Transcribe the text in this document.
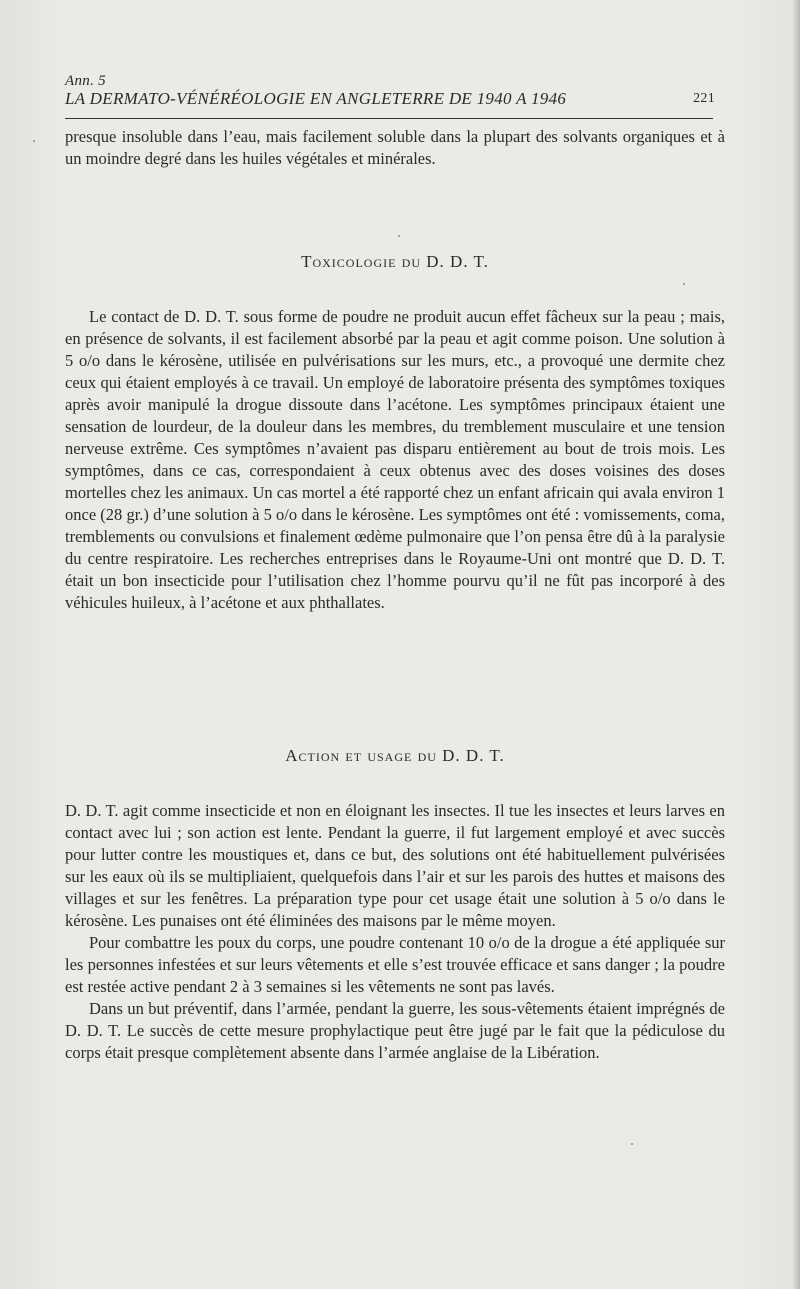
Ann. 5
LA DERMATO-VÉNÉRÉOLOGIE EN ANGLETERRE DE 1940 A 1946	221

presque insoluble dans l’eau, mais facilement soluble dans la plupart des solvants organiques et à un moindre degré dans les huiles végétales et minérales.

Toxicologie du D. D. T.

Le contact de D. D. T. sous forme de poudre ne produit aucun effet fâcheux sur la peau ; mais, en présence de solvants, il est facilement absorbé par la peau et agit comme poison. Une solution à 5 o/o dans le kérosène, utilisée en pulvérisations sur les murs, etc., a provoqué une dermite chez ceux qui étaient employés à ce travail. Un employé de laboratoire présenta des symptômes toxiques après avoir manipulé la drogue dissoute dans l’acétone. Les symptômes principaux étaient une sensation de lourdeur, de la douleur dans les membres, du tremblement musculaire et une tension nerveuse extrême. Ces symptômes n’avaient pas disparu entièrement au bout de trois mois. Les symptômes, dans ce cas, correspondaient à ceux obtenus avec des doses voisines des doses mortelles chez les animaux. Un cas mortel a été rapporté chez un enfant africain qui avala environ 1 once (28 gr.) d’une solution à 5 o/o dans le kérosène. Les symptômes ont été : vomissements, coma, tremblements ou convulsions et finalement œdème pulmonaire que l’on pensa être dû à la paralysie du centre respiratoire. Les recherches entreprises dans le Royaume-Uni ont montré que D. D. T. était un bon insecticide pour l’utilisation chez l’homme pourvu qu’il ne fût pas incorporé à des véhicules huileux, à l’acétone et aux phthallates.

Action et usage du D. D. T.

D. D. T. agit comme insecticide et non en éloignant les insectes. Il tue les insectes et leurs larves en contact avec lui ; son action est lente. Pendant la guerre, il fut largement employé et avec succès pour lutter contre les moustiques et, dans ce but, des solutions ont été habituellement pulvérisées sur les eaux où ils se multipliaient, quelquefois dans l’air et sur les parois des huttes et maisons des villages et sur les fenêtres. La préparation type pour cet usage était une solution à 5 o/o dans le kérosène. Les punaises ont été éliminées des maisons par le même moyen.

Pour combattre les poux du corps, une poudre contenant 10 o/o de la drogue a été appliquée sur les personnes infestées et sur leurs vêtements et elle s’est trouvée efficace et sans danger ; la poudre est restée active pendant 2 à 3 semaines si les vêtements ne sont pas lavés.

Dans un but préventif, dans l’armée, pendant la guerre, les sous-vêtements étaient imprégnés de D. D. T. Le succès de cette mesure prophylactique peut être jugé par le fait que la pédiculose du corps était presque complètement absente dans l’armée anglaise de la Libération.
